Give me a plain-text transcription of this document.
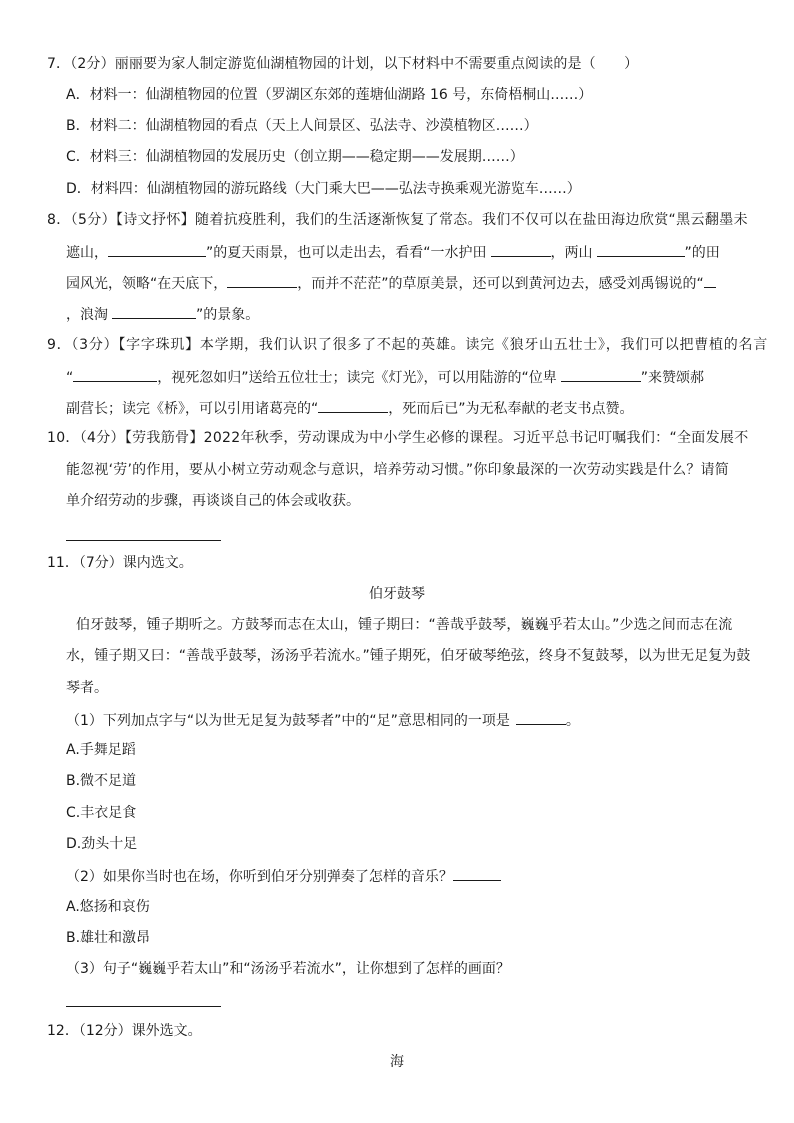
7．（2分）丽丽要为家人制定游览仙湖植物园的计划，以下材料中不需要重点阅读的是（　　）
A．材料一：仙湖植物园的位置（罗湖区东郊的莲塘仙湖路 16 号，东倚梧桐山……）
B．材料二：仙湖植物园的看点（天上人间景区、弘法寺、沙漠植物区……）
C．材料三：仙湖植物园的发展历史（创立期——稳定期——发展期……）
D．材料四：仙湖植物园的游玩路线（大门乘大巴——弘法寺换乘观光游览车……）
8．（5分）【诗文抒怀】随着抗疫胜利，我们的生活逐渐恢复了常态。我们不仅可以在盐田海边欣赏“黑云翻墨未
遮山，	”的夏天雨景，也可以走出去，看看“一水护田	，两山	”的田
园风光，领略“在天底下，	，而并不茫茫”的草原美景，还可以到黄河边去，感受刘禹锡说的“
，浪淘	”的景象。
9．（3分）【字字珠玑】本学期，我们认识了很多了不起的英雄。读完《狼牙山五壮士》，我们可以把曹植的名言
“	，视死忽如归”送给五位壮士；读完《灯光》，可以用陆游的“位卑	”来赞颂郝
副营长；读完《桥》，可以引用诸葛亮的“	，死而后已”为无私奉献的老支书点赞。
10．（4分）【劳我筋骨】2022年秋季，劳动课成为中小学生必修的课程。习近平总书记叮嘱我们：“全面发展不
能忽视‘劳’的作用，要从小树立劳动观念与意识，培养劳动习惯。”你印象最深的一次劳动实践是什么？请简
单介绍劳动的步骤，再谈谈自己的体会或收获。
11．（7分）课内选文。
伯牙鼓琴
伯牙鼓琴，锺子期听之。方鼓琴而志在太山，锺子期曰：“善哉乎鼓琴，巍巍乎若太山。”少选之间而志在流
水，锺子期又曰：“善哉乎鼓琴，汤汤乎若流水。”锺子期死，伯牙破琴绝弦，终身不复鼓琴，以为世无足复为鼓
琴者。
（1）下列加点字与“以为世无足复为鼓琴者”中的“足”意思相同的一项是	。
A.手舞足蹈
B.微不足道
C.丰衣足食
D.劲头十足
（2）如果你当时也在场，你听到伯牙分别弹奏了怎样的音乐？
A.悠扬和哀伤
B.雄壮和激昂
（3）句子“巍巍乎若太山”和“汤汤乎若流水”，让你想到了怎样的画面？
12．（12分）课外选文。
海
